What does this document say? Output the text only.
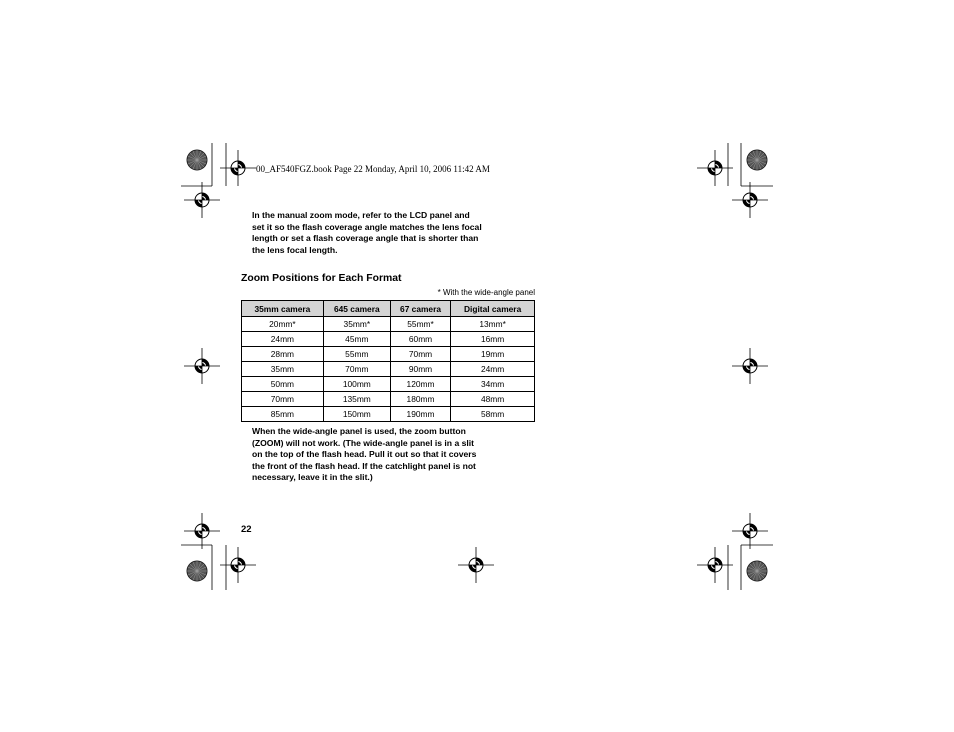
00_AF540FGZ.book Page 22 Monday, April 10, 2006 11:42 AM
In the manual zoom mode, refer to the LCD panel and set it so the flash coverage angle matches the lens focal length or set a flash coverage angle that is shorter than the lens focal length.
Zoom Positions for Each Format
* With the wide-angle panel
35mm camera	645 camera	67 camera	Digital camera
20mm*	35mm*	55mm*	13mm*
24mm	45mm	60mm	16mm
28mm	55mm	70mm	19mm
35mm	70mm	90mm	24mm
50mm	100mm	120mm	34mm
70mm	135mm	180mm	48mm
85mm	150mm	190mm	58mm
When the wide-angle panel is used, the zoom button (ZOOM) will not work. (The wide-angle panel is in a slit on the top of the flash head. Pull it out so that it covers the front of the flash head. If the catchlight panel is not necessary, leave it in the slit.)
22
